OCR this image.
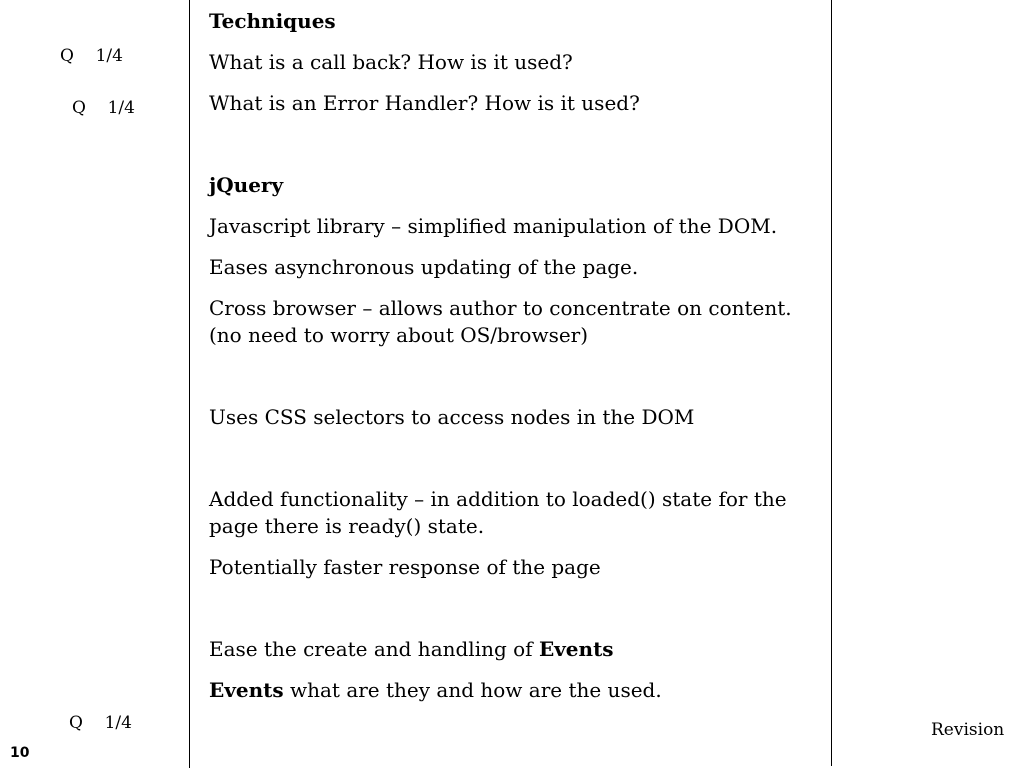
Q 1/4
Q 1/4
Q 1/4

Techniques

What is a call back? How is it used?

What is an Error Handler? How is it used?

jQuery

Javascript library – simplified manipulation of the DOM.

Eases asynchronous updating of the page.

Cross browser – allows author to concentrate on content. (no need to worry about OS/browser)

Uses CSS selectors to access nodes in the DOM

Added functionality – in addition to loaded() state for the page there is ready() state.

Potentially faster response of the page

Ease the create and handling of Events

Events what are they and how are the used.

Revision
10
